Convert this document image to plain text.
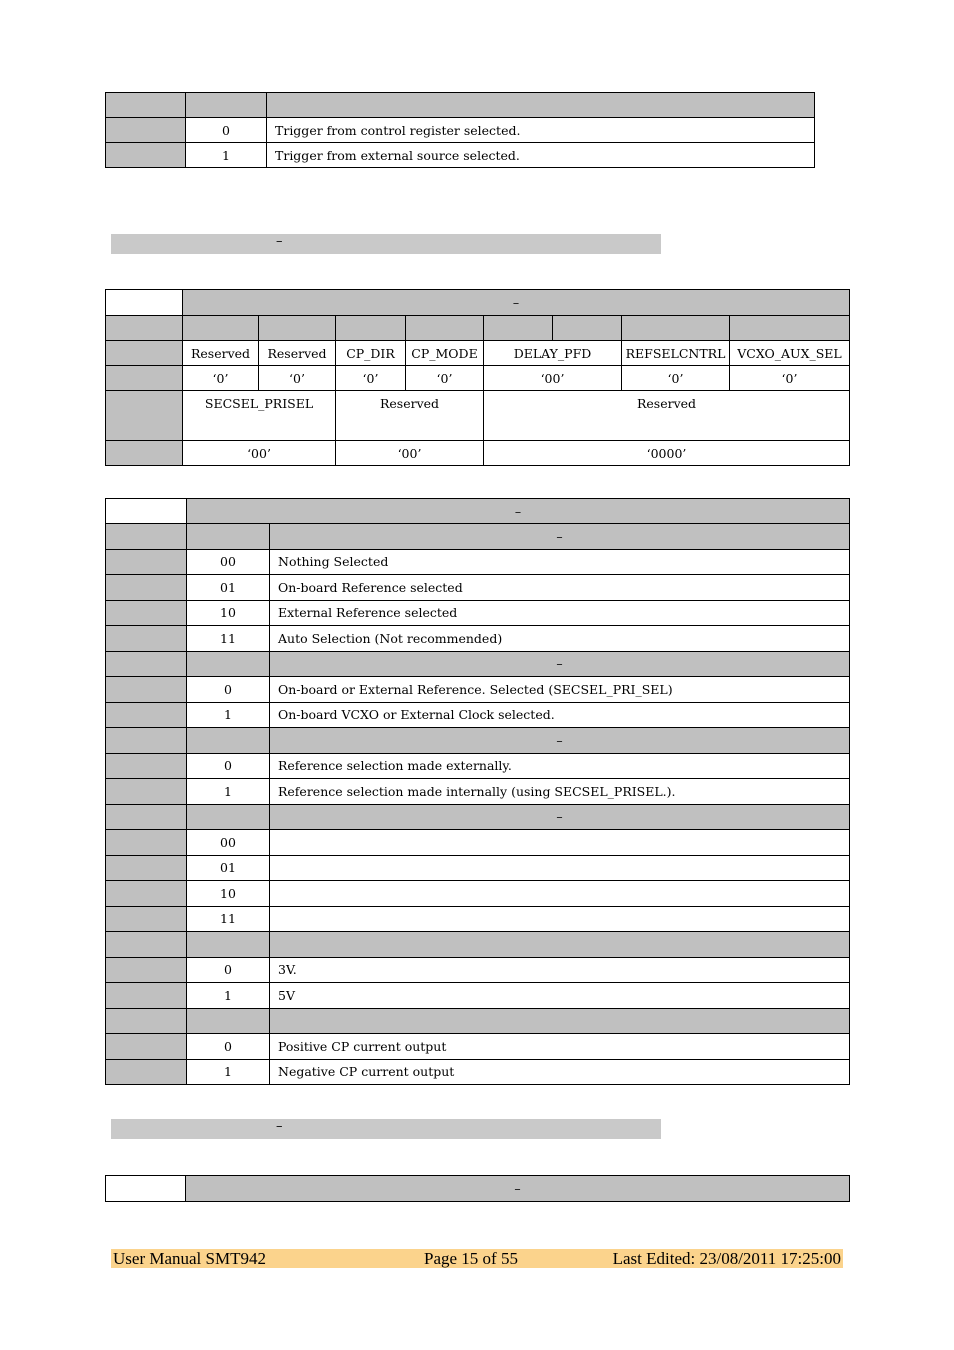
	0	Trigger from control register selected.
	1	Trigger from external source selected.
–
	–							

	Reserved	Reserved	CP_DIR	CP_MODE	DELAY_PFD		REFSELCNTRL	VCXO_AUX_SEL
	‘0’	‘0’	‘0’	‘0’	‘00’		‘0’	‘0’
	SECSEL_PRISEL		Reserved		Reserved			
	‘00’		‘00’		‘0000’			
	–	
		–
	00	Nothing Selected
	01	On-board Reference selected
	10	External Reference selected
	11	Auto Selection (Not recommended)
		–
	0	On-board or External Reference. Selected (SECSEL_PRI_SEL)
	1	On-board VCXO or External Clock selected.
		–
	0	Reference selection made externally.
	1	Reference selection made internally (using SECSEL_PRISEL.).
		–
	00	
	01	
	10	
	11	

	0	3V.
	1	5V

	0	Positive CP current output
	1	Negative CP current output
–
	–
User Manual SMT942	Page 15 of 55	Last Edited: 23/08/2011 17:25:00
